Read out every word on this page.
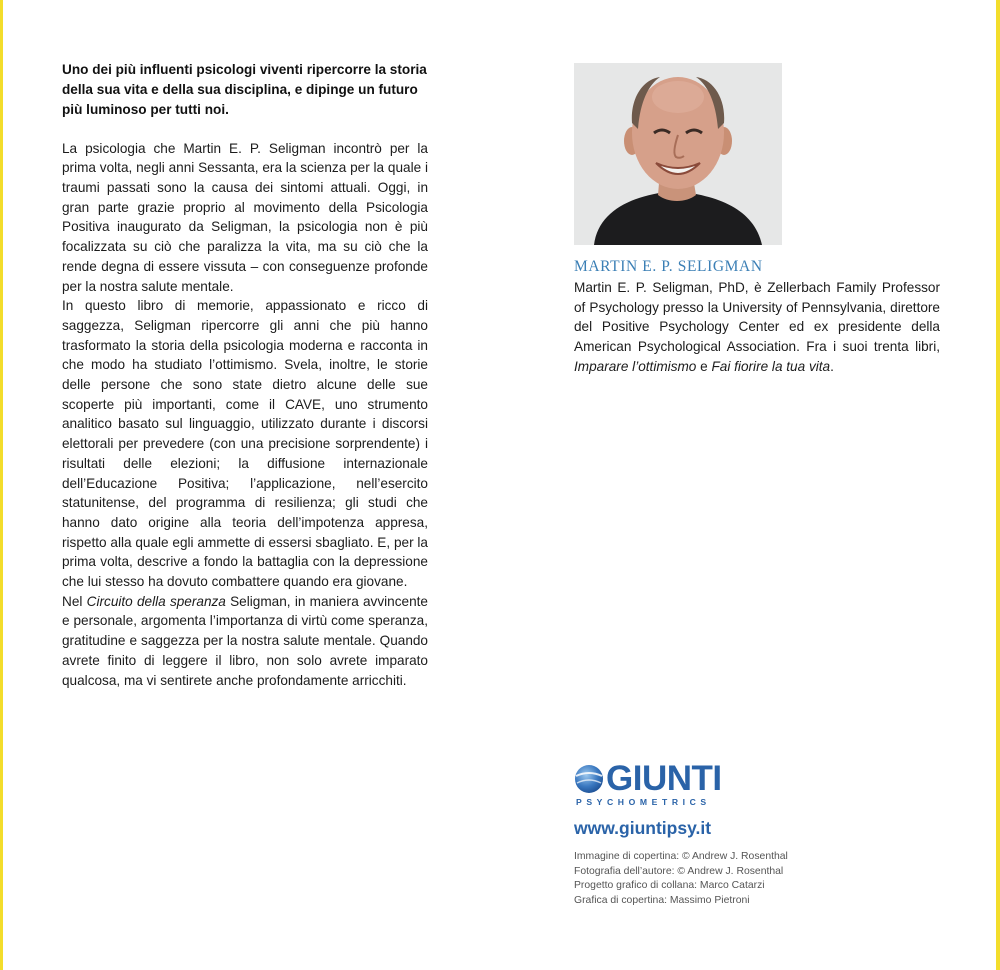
Uno dei più influenti psicologi viventi ripercorre la storia della sua vita e della sua disciplina, e dipinge un futuro più luminoso per tutti noi.

La psicologia che Martin E. P. Seligman incontrò per la prima volta, negli anni Sessanta, era la scienza per la quale i traumi passati sono la causa dei sintomi attuali. Oggi, in gran parte grazie proprio al movimento della Psicologia Positiva inaugurato da Seligman, la psicologia non è più focalizzata su ciò che paralizza la vita, ma su ciò che la rende degna di essere vissuta – con conseguenze profonde per la nostra salute mentale.

In questo libro di memorie, appassionato e ricco di saggezza, Seligman ripercorre gli anni che più hanno trasformato la storia della psicologia moderna e racconta in che modo ha studiato l’ottimismo. Svela, inoltre, le storie delle persone che sono state dietro alcune delle sue scoperte più importanti, come il CAVE, uno strumento analitico basato sul linguaggio, utilizzato durante i discorsi elettorali per prevedere (con una precisione sorprendente) i risultati delle elezioni; la diffusione internazionale dell’Educazione Positiva; l’applicazione, nell’esercito statunitense, del programma di resilienza; gli studi che hanno dato origine alla teoria dell’impotenza appresa, rispetto alla quale egli ammette di essersi sbagliato. E, per la prima volta, descrive a fondo la battaglia con la depressione che lui stesso ha dovuto combattere quando era giovane.

Nel Circuito della speranza Seligman, in maniera avvincente e personale, argomenta l’importanza di virtù come speranza, gratitudine e saggezza per la nostra salute mentale. Quando avrete finito di leggere il libro, non solo avrete imparato qualcosa, ma vi sentirete anche profondamente arricchiti.

MARTIN E. P. SELIGMAN

Martin E. P. Seligman, PhD, è Zellerbach Family Professor of Psychology presso la University of Pennsylvania, direttore del Positive Psychology Center ed ex presidente della American Psychological Association. Fra i suoi trenta libri, Imparare l’ottimismo e Fai fiorire la tua vita.

GIUNTI
PSYCHOMETRICS
www.giuntipsy.it
Immagine di copertina: © Andrew J. Rosenthal
Fotografia dell’autore: © Andrew J. Rosenthal
Progetto grafico di collana: Marco Catarzi
Grafica di copertina: Massimo Pietroni
